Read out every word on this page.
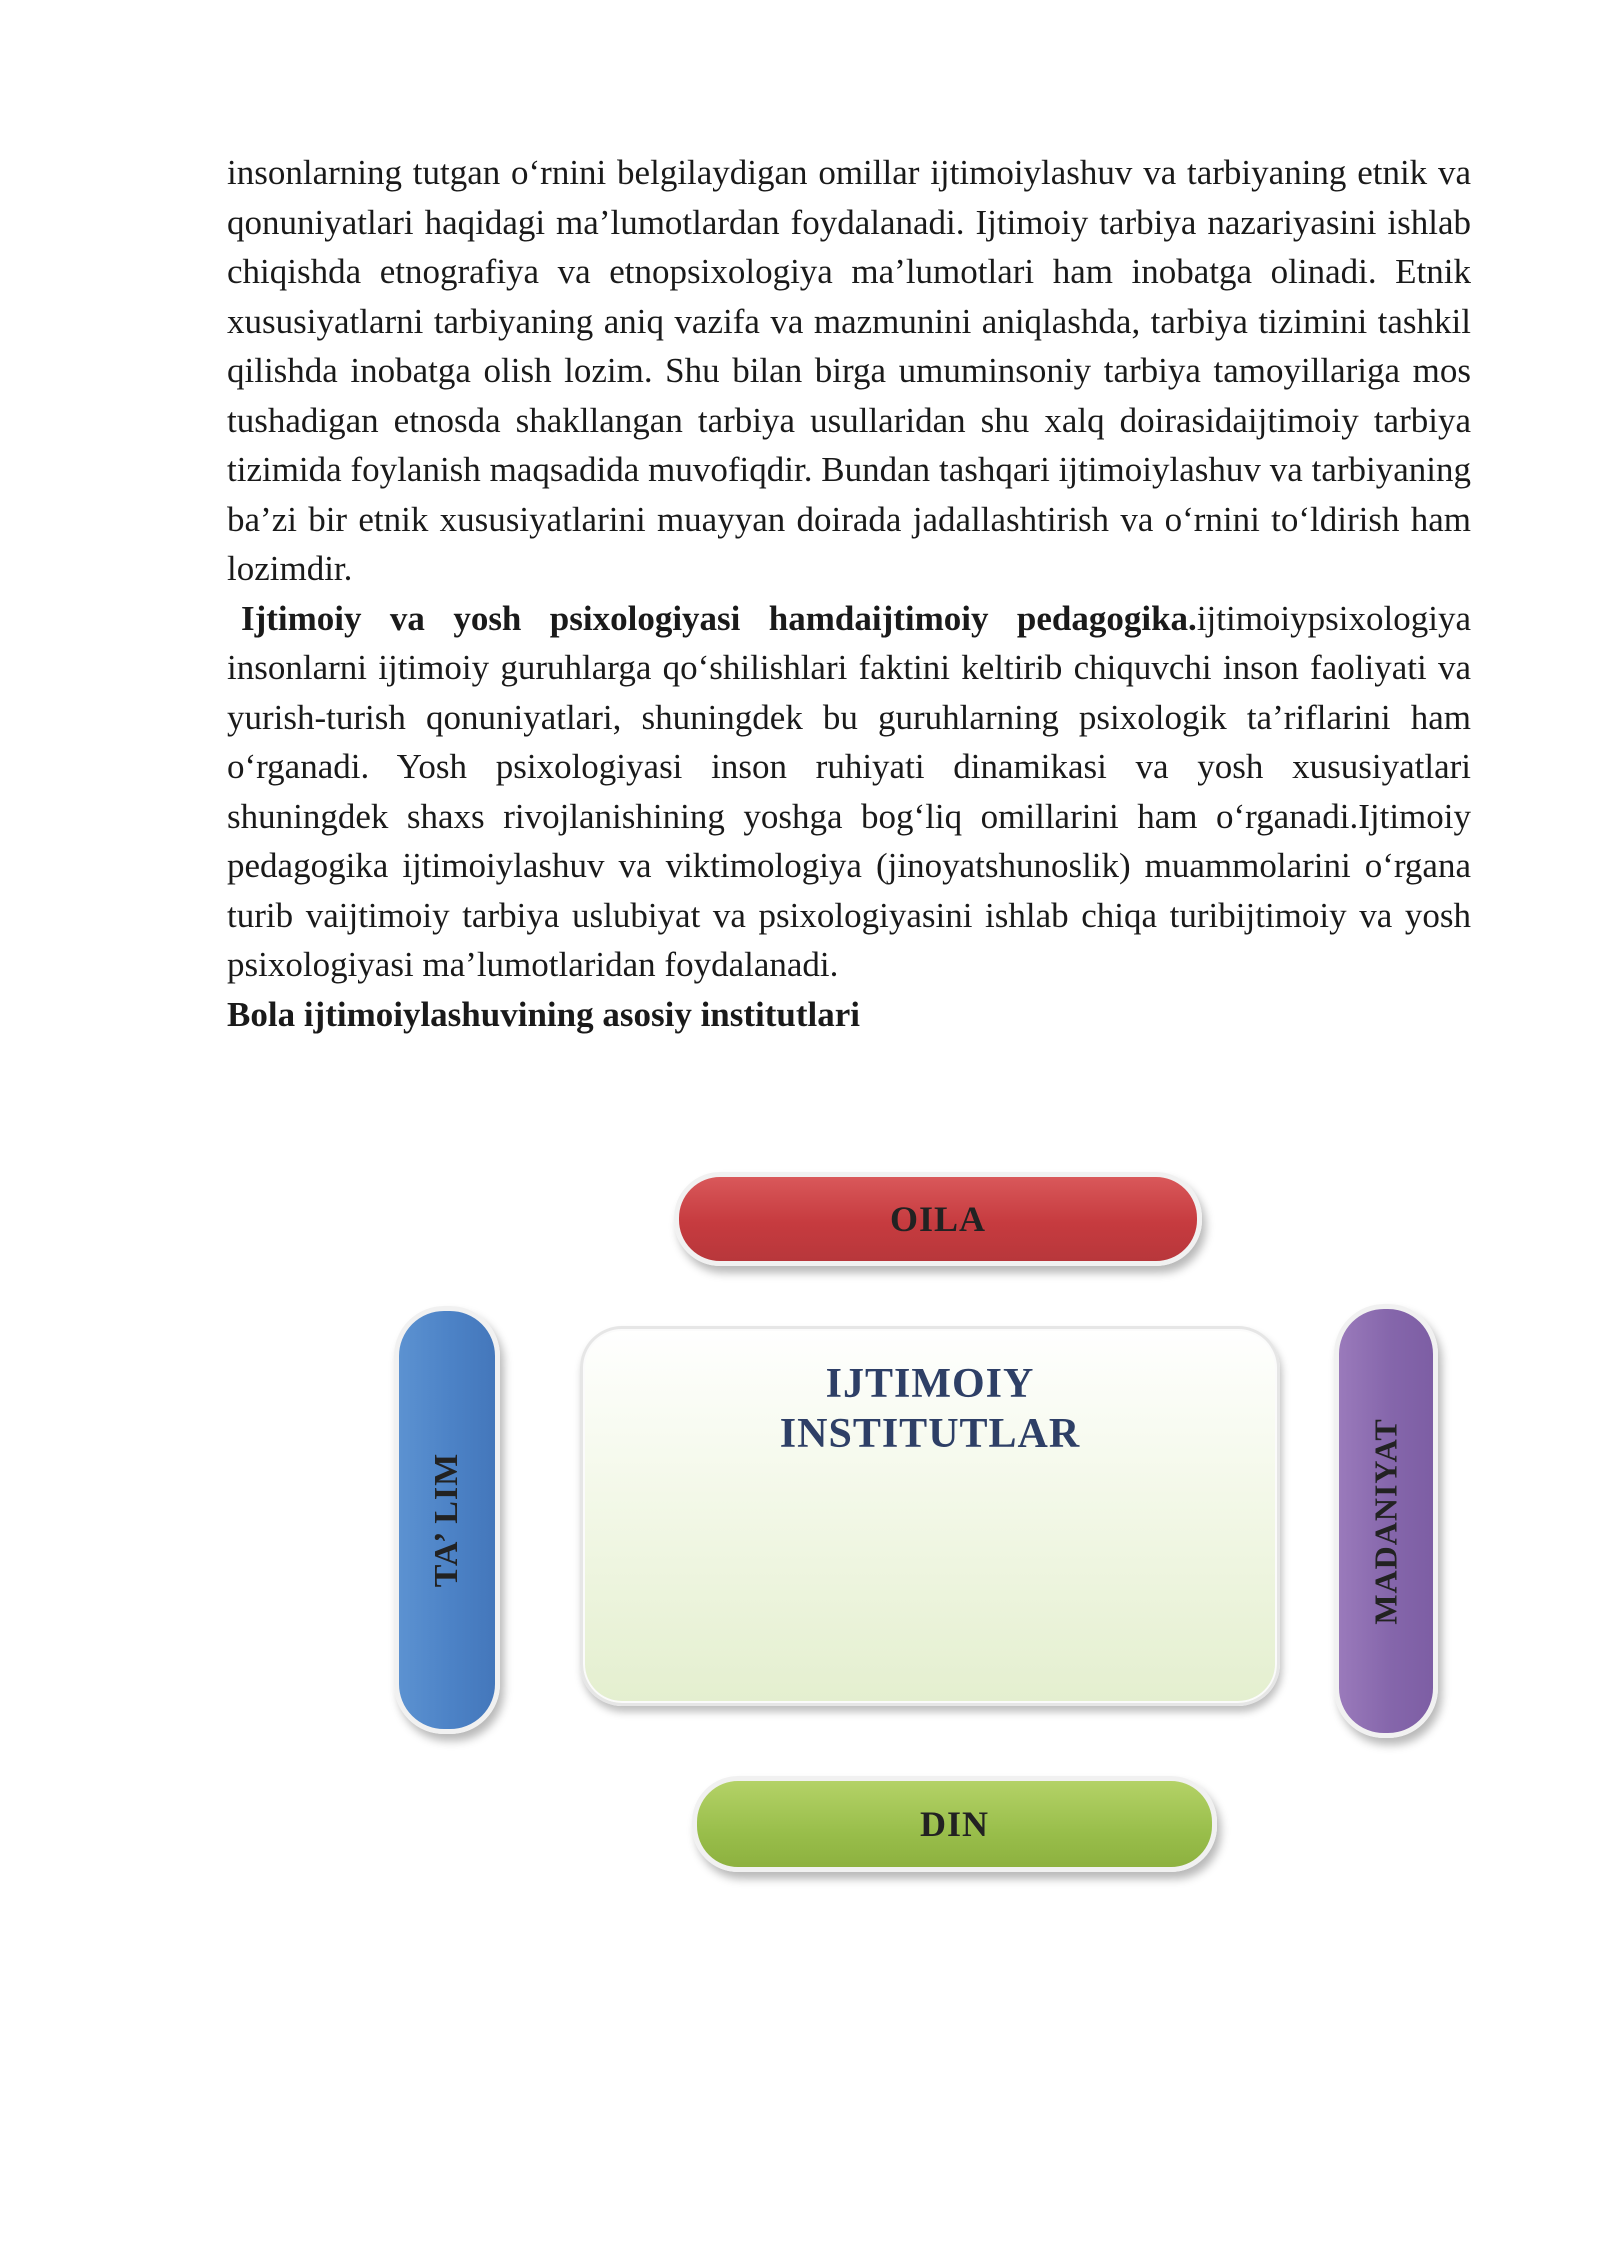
insonlarning tutgan o‘rnini belgilaydigan omillar ijtimoiylashuv va tarbiyaning etnik va qonuniyatlari haqidagi ma’lumotlardan foydalanadi. Ijtimoiy tarbiya nazariyasini ishlab chiqishda etnografiya va etnopsixologiya ma’lumotlari ham inobatga olinadi. Etnik xususiyatlarni tarbiyaning aniq vazifa va mazmunini aniqlashda, tarbiya tizimini tashkil qilishda inobatga olish lozim. Shu bilan birga umuminsoniy tarbiya tamoyillariga mos tushadigan etnosda shakllangan tarbiya usullaridan shu xalq doirasidaijtimoiy tarbiya tizimida foylanish maqsadida muvofiqdir. Bundan tashqari ijtimoiylashuv va tarbiyaning ba’zi bir etnik xususiyatlarini muayyan doirada jadallashtirish va o‘rnini to‘ldirish ham lozimdir.

Ijtimoiy va yosh psixologiyasi hamdaijtimoiy pedagogika.ijtimoiypsixologiya insonlarni ijtimoiy guruhlarga qo‘shilishlari faktini keltirib chiquvchi inson faoliyati va yurish-turish qonuniyatlari, shuningdek bu guruhlarning psixologik ta’riflarini ham o‘rganadi. Yosh psixologiyasi inson ruhiyati dinamikasi va yosh xususiyatlari shuningdek shaxs rivojlanishining yoshga bog‘liq omillarini ham o‘rganadi.Ijtimoiy pedagogika ijtimoiylashuv va viktimologiya (jinoyatshunoslik) muammolarini o‘rgana turib vaijtimoiy tarbiya uslubiyat va psixologiyasini ishlab chiqa turibijtimoiy va yosh psixologiyasi ma’lumotlaridan foydalanadi.

Bola ijtimoiylashuvining asosiy institutlari

OILA
TA’ LIM
IJTIMOIY
INSTITUTLAR	MADANIYAT
DIN
